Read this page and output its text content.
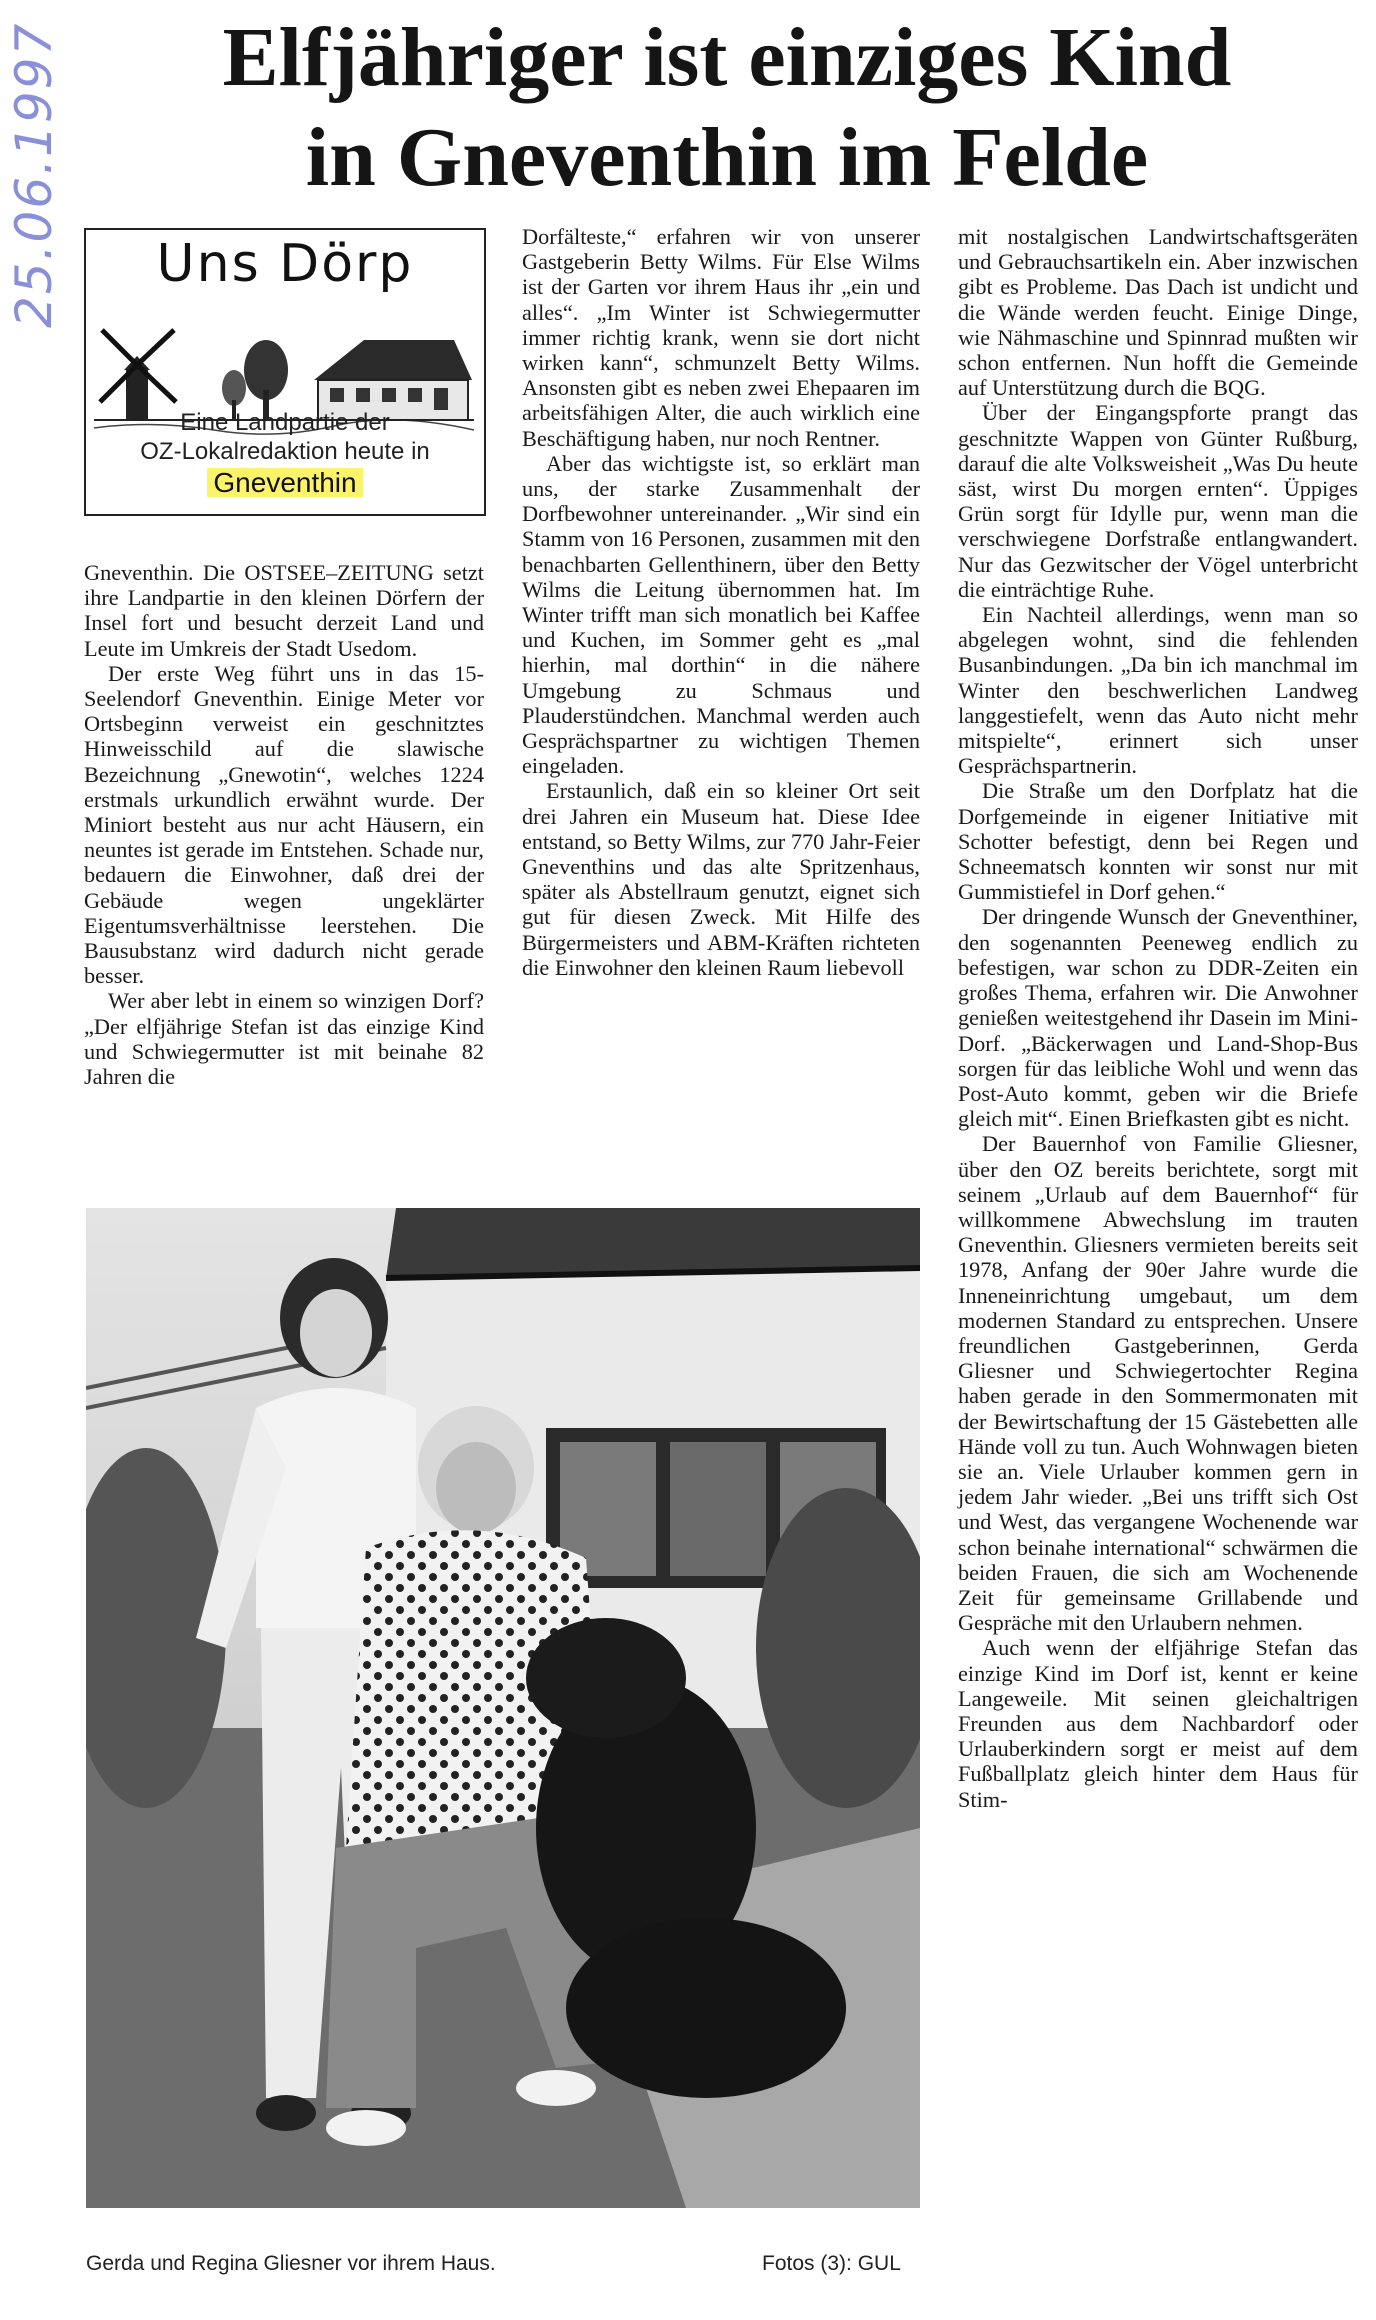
25.06.1997	Elfjähriger ist einziges Kind
in Gneventhin im Felde
Uns Dörp
Eine Landpartie der
OZ-Lokalredaktion heute in
Gneventhin

Gneventhin. Die OSTSEE–ZEITUNG setzt ihre Landpartie in den kleinen Dörfern der Insel fort und besucht derzeit Land und Leute im Umkreis der Stadt Usedom.

Der erste Weg führt uns in das 15-Seelendorf Gneventhin. Einige Meter vor Ortsbeginn verweist ein geschnitztes Hinweisschild auf die slawische Bezeichnung „Gnewotin“, welches 1224 erstmals urkundlich erwähnt wurde. Der Miniort besteht aus nur acht Häusern, ein neuntes ist gerade im Entstehen. Schade nur, bedauern die Einwohner, daß drei der Gebäude wegen ungeklärter Eigentumsverhältnisse leerstehen. Die Bausubstanz wird dadurch nicht gerade besser.

Wer aber lebt in einem so winzigen Dorf? „Der elfjährige Stefan ist das einzige Kind und Schwiegermutter ist mit beinahe 82 Jahren die

Dorfälteste,“ erfahren wir von unserer Gastgeberin Betty Wilms. Für Else Wilms ist der Garten vor ihrem Haus ihr „ein und alles“. „Im Winter ist Schwiegermutter immer richtig krank, wenn sie dort nicht wirken kann“, schmunzelt Betty Wilms. Ansonsten gibt es neben zwei Ehepaaren im arbeitsfähigen Alter, die auch wirklich eine Beschäftigung haben, nur noch Rentner.

Aber das wichtigste ist, so erklärt man uns, der starke Zusammenhalt der Dorfbewohner untereinander. „Wir sind ein Stamm von 16 Personen, zusammen mit den benachbarten Gellenthinern, über den Betty Wilms die Leitung übernommen hat. Im Winter trifft man sich monatlich bei Kaffee und Kuchen, im Sommer geht es „mal hierhin, mal dorthin“ in die nähere Umgebung zu Schmaus und Plauderstündchen. Manchmal werden auch Gesprächspartner zu wichtigen Themen eingeladen.

Erstaunlich, daß ein so kleiner Ort seit drei Jahren ein Museum hat. Diese Idee entstand, so Betty Wilms, zur 770 Jahr-Feier Gneventhins und das alte Spritzenhaus, später als Abstellraum genutzt, eignet sich gut für diesen Zweck. Mit Hilfe des Bürgermeisters und ABM-Kräften richteten die Einwohner den kleinen Raum liebevoll

mit nostalgischen Landwirtschaftsgeräten und Gebrauchsartikeln ein. Aber inzwischen gibt es Probleme. Das Dach ist undicht und die Wände werden feucht. Einige Dinge, wie Nähmaschine und Spinnrad mußten wir schon entfernen. Nun hofft die Gemeinde auf Unterstützung durch die BQG.

Über der Eingangspforte prangt das geschnitzte Wappen von Günter Rußburg, darauf die alte Volksweisheit „Was Du heute säst, wirst Du morgen ernten“. Üppiges Grün sorgt für Idylle pur, wenn man die verschwiegene Dorfstraße entlangwandert. Nur das Gezwitscher der Vögel unterbricht die einträchtige Ruhe.

Ein Nachteil allerdings, wenn man so abgelegen wohnt, sind die fehlenden Busanbindungen. „Da bin ich manchmal im Winter den beschwerlichen Landweg langgestiefelt, wenn das Auto nicht mehr mitspielte“, erinnert sich unser Gesprächspartnerin.

Die Straße um den Dorfplatz hat die Dorfgemeinde in eigener Initiative mit Schotter befestigt, denn bei Regen und Schneematsch konnten wir sonst nur mit Gummistiefel in Dorf gehen.“

Der dringende Wunsch der Gneventhiner, den sogenannten Peeneweg endlich zu befestigen, war schon zu DDR-Zeiten ein großes Thema, erfahren wir. Die Anwohner genießen weitestgehend ihr Dasein im Mini-Dorf. „Bäckerwagen und Land-Shop-Bus sorgen für das leibliche Wohl und wenn das Post-Auto kommt, geben wir die Briefe gleich mit“. Einen Briefkasten gibt es nicht.

Der Bauernhof von Familie Gliesner, über den OZ bereits berichtete, sorgt mit seinem „Urlaub auf dem Bauernhof“ für willkommene Abwechslung im trauten Gneventhin. Gliesners vermieten bereits seit 1978, Anfang der 90er Jahre wurde die Inneneinrichtung umgebaut, um dem modernen Standard zu entsprechen. Unsere freundlichen Gastgeberinnen, Gerda Gliesner und Schwiegertochter Regina haben gerade in den Sommermonaten mit der Bewirtschaftung der 15 Gästebetten alle Hände voll zu tun. Auch Wohnwagen bieten sie an. Viele Urlauber kommen gern in jedem Jahr wieder. „Bei uns trifft sich Ost und West, das vergangene Wochenende war schon beinahe international“ schwärmen die beiden Frauen, die sich am Wochenende Zeit für gemeinsame Grillabende und Gespräche mit den Urlaubern nehmen.

Auch wenn der elfjährige Stefan das einzige Kind im Dorf ist, kennt er keine Langeweile. Mit seinen gleichaltrigen Freunden aus dem Nachbardorf oder Urlauberkindern sorgt er meist auf dem Fußballplatz gleich hinter dem Haus für Stim-

Gerda und Regina Gliesner vor ihrem Haus.	Fotos (3): GUL
